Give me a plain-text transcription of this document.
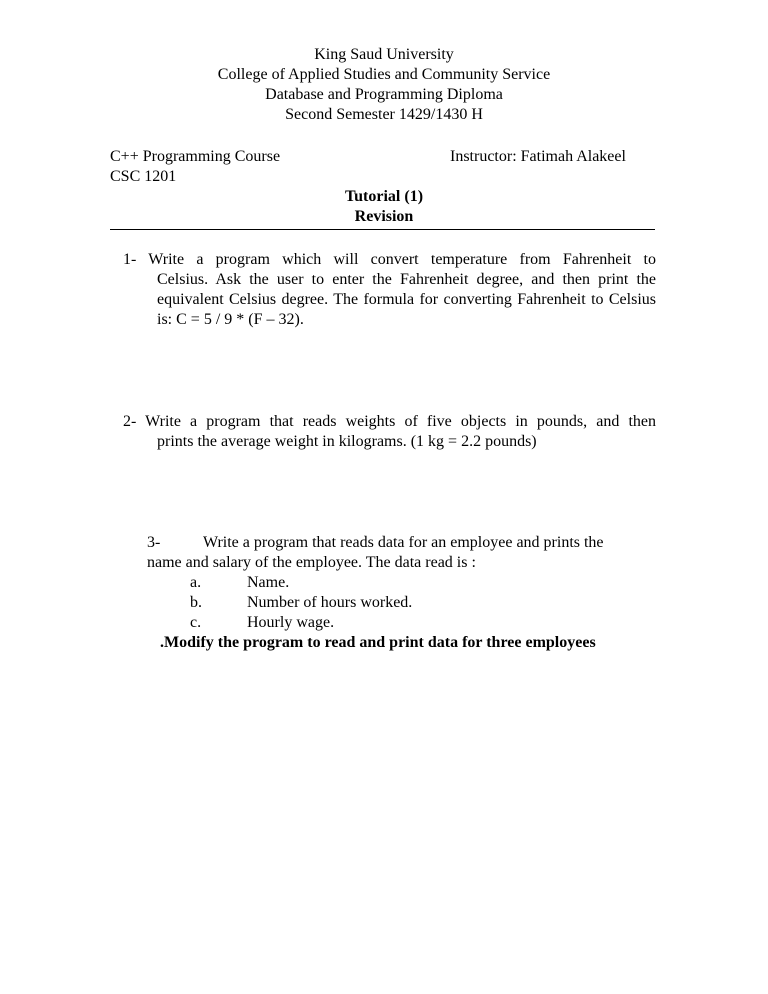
King Saud University
College of Applied Studies and Community Service
Database and Programming Diploma
Second Semester 1429/1430 H
C++ Programming Course	Instructor: Fatimah Alakeel
CSC 1201
Tutorial (1)
Revision
1- Write a program which will convert temperature from Fahrenheit to
Celsius. Ask the user to enter the Fahrenheit degree, and then print the equivalent Celsius degree. The formula for converting Fahrenheit to Celsius is: C = 5 / 9 * (F – 32).
2- Write a program that reads weights of five objects in pounds, and then
prints the average weight in kilograms. (1 kg = 2.2 pounds)
3-	Write a program that reads data for an employee and prints the
name and salary of the employee. The data read is :
a.	Name.
b.	Number of hours worked.
c.	Hourly wage.
.Modify the program to read and print data for three employees
